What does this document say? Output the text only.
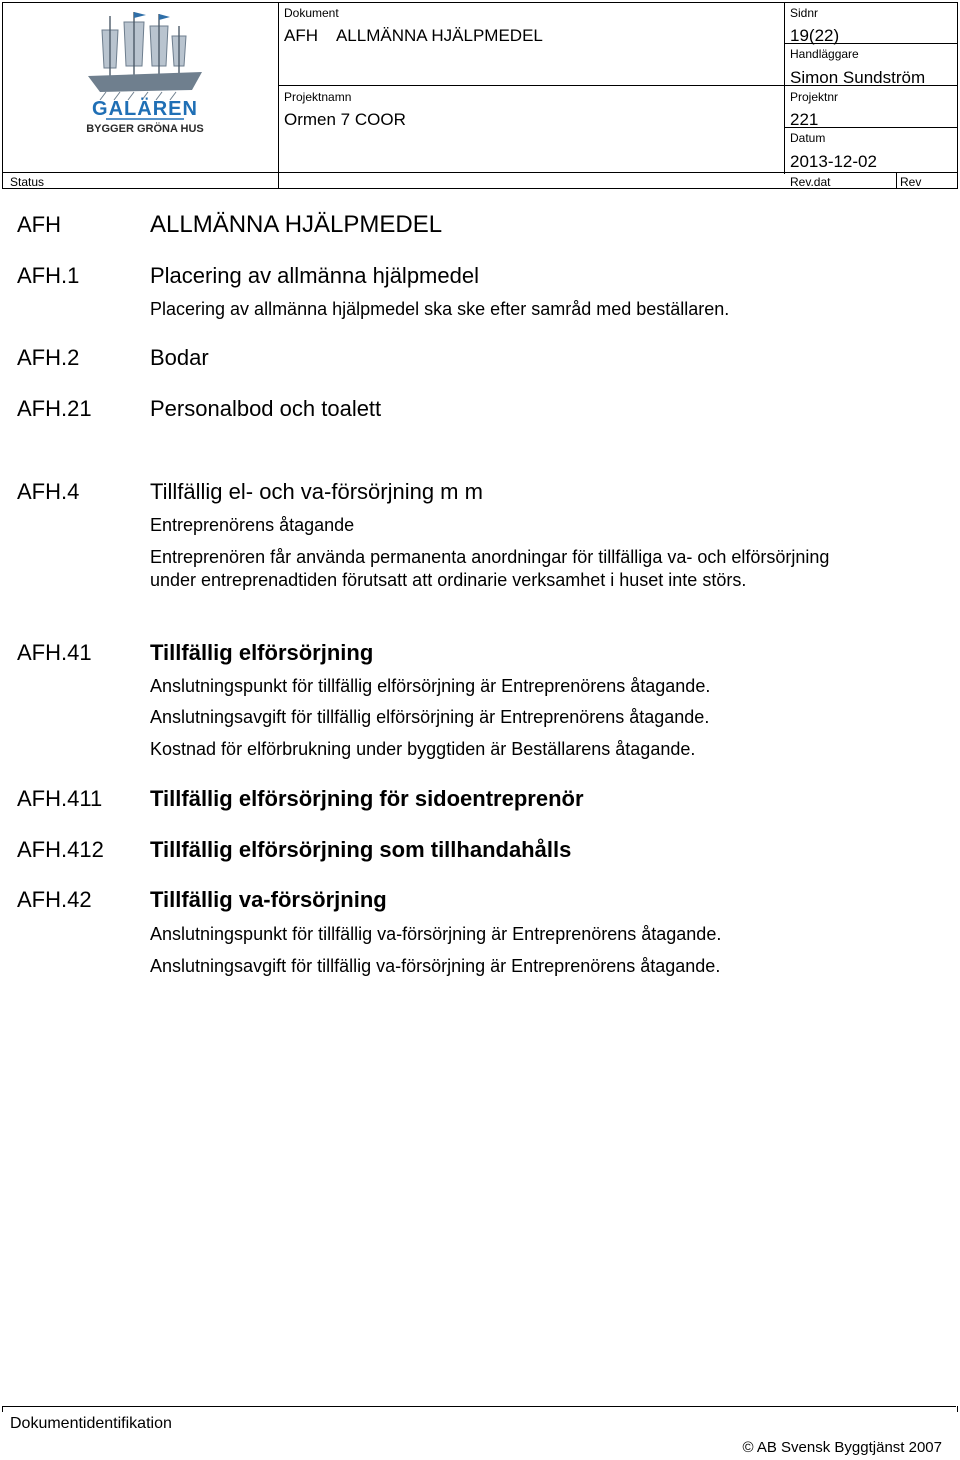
GALÄREN
BYGGER GRÖNA HUS
Dokument
AFH    ALLMÄNNA HJÄLPMEDEL
Sidnr
19(22)
Handläggare
Simon Sundström
Projektnamn
Ormen 7 COOR
Projektnr
221
Datum
2013-12-02
Status	Rev.dat	Rev
AFH	ALLMÄNNA HJÄLPMEDEL
AFH.1	Placering av allmänna hjälpmedel
Placering av allmänna hjälpmedel ska ske efter samråd med beställaren.
AFH.2	Bodar
AFH.21	Personalbod och toalett
AFH.4	Tillfällig el- och va-försörjning m m
Entreprenörens åtagande
Entreprenören får använda permanenta anordningar för tillfälliga va- och elförsörjning under entreprenadtiden förutsatt att ordinarie verksamhet i huset inte störs.
AFH.41	Tillfällig elförsörjning
Anslutningspunkt för tillfällig elförsörjning är Entreprenörens åtagande.
Anslutningsavgift för tillfällig elförsörjning är Entreprenörens åtagande.
Kostnad för elförbrukning under byggtiden är Beställarens åtagande.
AFH.411 Tillfällig elförsörjning för sidoentreprenör
AFH.412 Tillfällig elförsörjning som tillhandahålls
AFH.42	Tillfällig va-försörjning
Anslutningspunkt för tillfällig va-försörjning är Entreprenörens åtagande.
Anslutningsavgift för tillfällig va-försörjning är Entreprenörens åtagande.
Dokumentidentifikation
© AB Svensk Byggtjänst 2007
